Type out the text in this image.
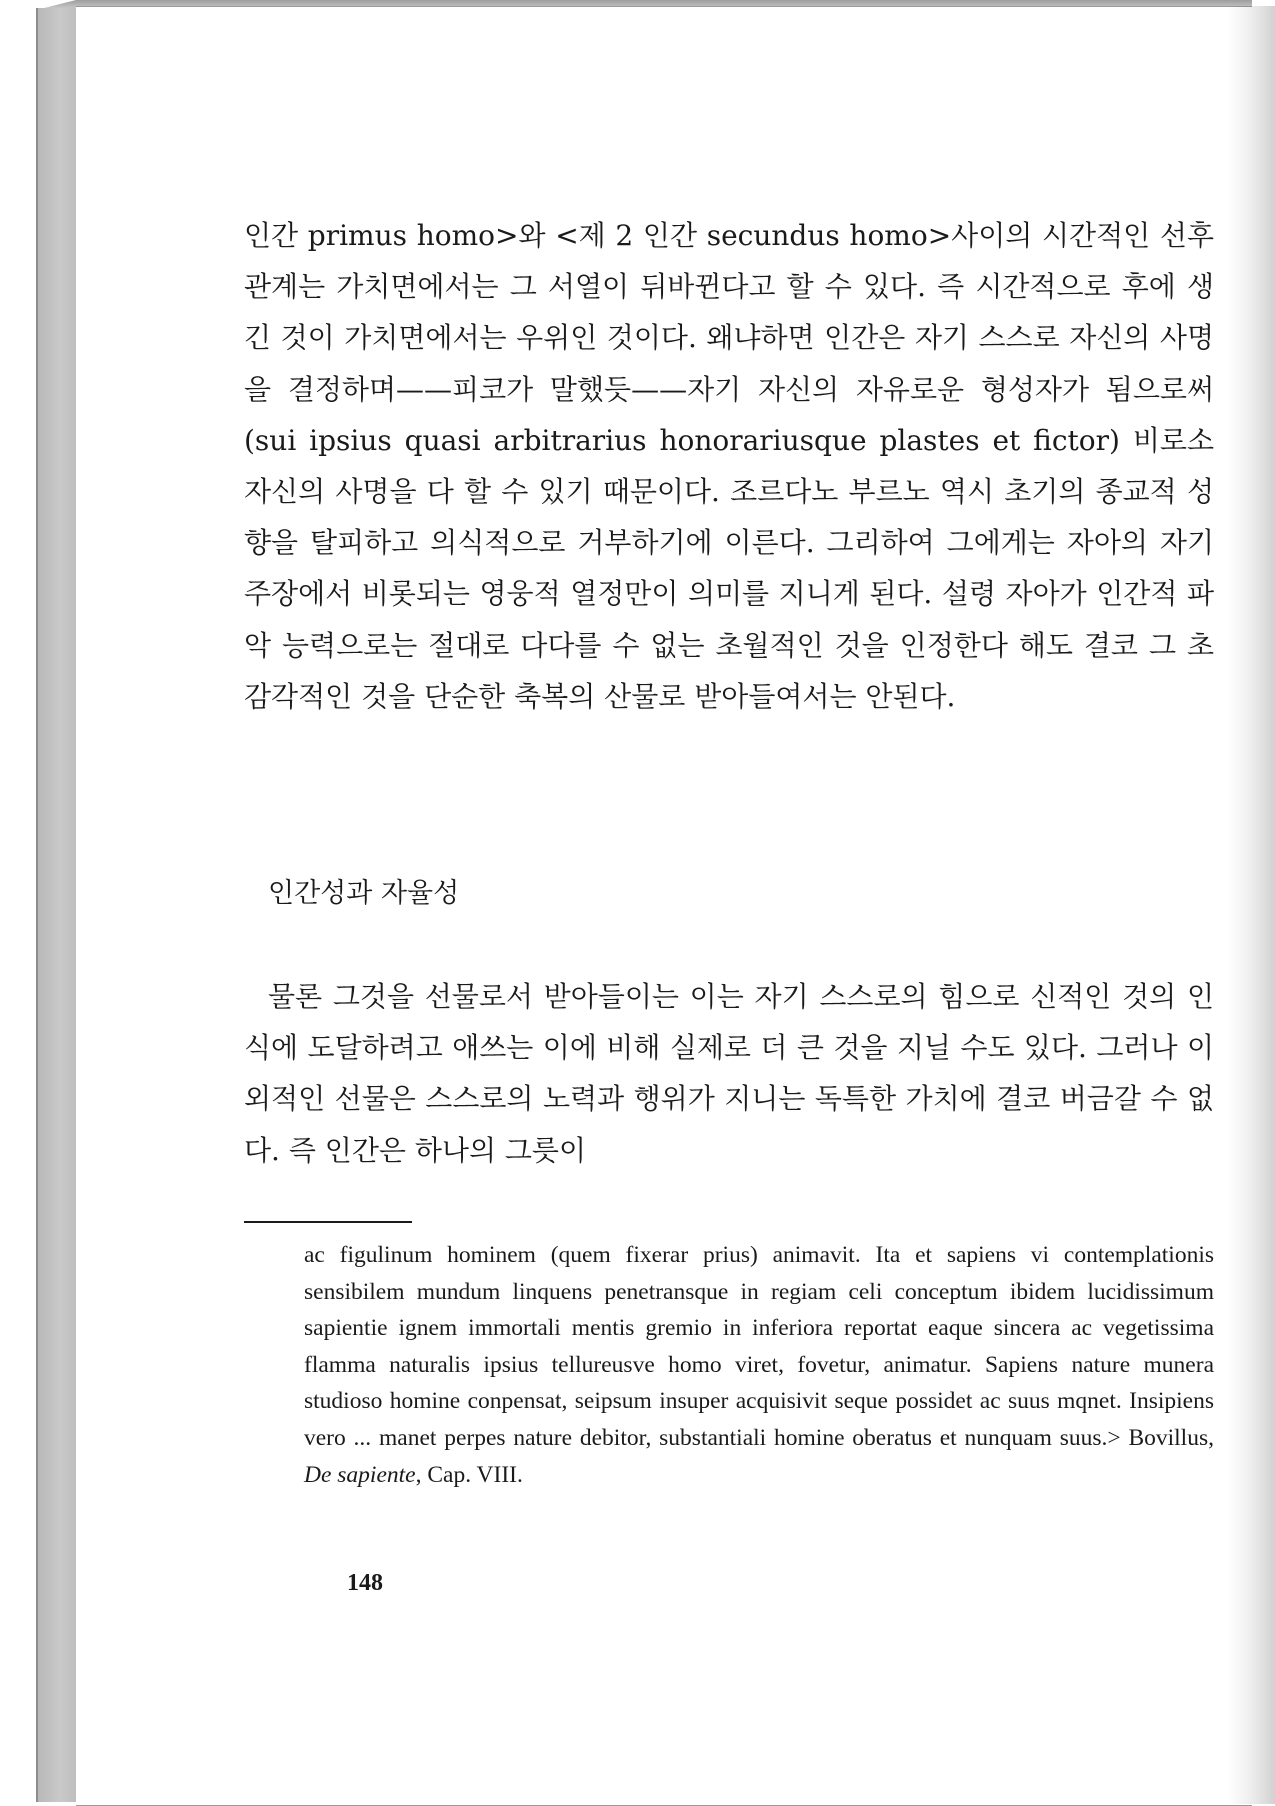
인간 primus homo>와 <제 2 인간 secundus homo>사이의 시간적인 선후 관계는 가치면에서는 그 서열이 뒤바뀐다고 할 수 있다. 즉 시간적으로 후에 생긴 것이 가치면에서는 우위인 것이다. 왜냐하면 인간은 자기 스스로 자신의 사명을 결정하며——피코가 말했듯——자기 자신의 자유로운 형성자가 됨으로써(sui ipsius quasi arbitrarius honorariusque plastes et fictor) 비로소 자신의 사명을 다 할 수 있기 때문이다. 조르다노 부르노 역시 초기의 종교적 성향을 탈피하고 의식적으로 거부하기에 이른다. 그리하여 그에게는 자아의 자기 주장에서 비롯되는 영웅적 열정만이 의미를 지니게 된다. 설령 자아가 인간적 파악 능력으로는 절대로 다다를 수 없는 초월적인 것을 인정한다 해도 결코 그 초감각적인 것을 단순한 축복의 산물로 받아들여서는 안된다.

인간성과 자율성

물론 그것을 선물로서 받아들이는 이는 자기 스스로의 힘으로 신적인 것의 인식에 도달하려고 애쓰는 이에 비해 실제로 더 큰 것을 지닐 수도 있다. 그러나 이 외적인 선물은 스스로의 노력과 행위가 지니는 독특한 가치에 결코 버금갈 수 없다. 즉 인간은 하나의 그릇이

ac figulinum hominem (quem fixerar prius) animavit. Ita et sapiens vi contemplationis sensibilem mundum linquens penetransque in regiam celi conceptum ibidem lucidissimum sapientie ignem immortali mentis gremio in inferiora reportat eaque sincera ac vegetissima flamma naturalis ipsius tellureusve homo viret, fovetur, animatur. Sapiens nature munera studioso homine conpensat, seipsum insuper acquisivit seque possidet ac suus mqnet. Insipiens vero ... manet perpes nature debitor, substantiali homine oberatus et nunquam suus.> Bovillus, De sapiente, Cap. VIII.

148
